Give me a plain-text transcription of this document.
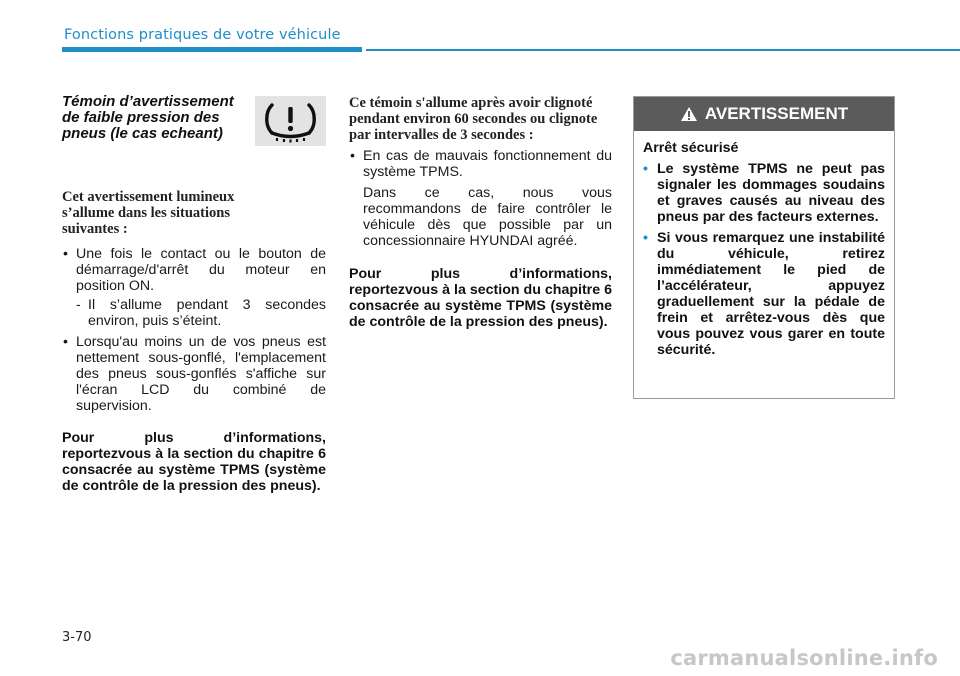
Fonctions pratiques de votre véhicule
Témoin d’avertissement de faible pression des pneus (le cas echeant)

Cet avertissement lumineux s’allume dans les situations suivantes :

• Une fois le contact ou le bouton de démarrage/d'arrêt du moteur en position ON.

- Il s’allume pendant 3 secondes environ, puis s’éteint.

• Lorsqu'au moins un de vos pneus est nettement sous-gonflé, l'emplacement des pneus sous-gonflés s'affiche sur l'écran LCD du combiné de supervision.

Pour plus d’informations, reportezvous à la section du chapitre 6 consacrée au système TPMS (système de contrôle de la pression des pneus).

Ce témoin s'allume après avoir clignoté pendant environ 60 secondes ou clignote par intervalles de 3 secondes :

• En cas de mauvais fonctionnement du système TPMS.

Dans ce cas, nous vous recommandons de faire contrôler le véhicule dès que possible par un concessionnaire HYUNDAI agréé.

Pour plus d’informations, reportezvous à la section du chapitre 6 consacrée au système TPMS (système de contrôle de la pression des pneus).

AVERTISSEMENT

Arrêt sécurisé

• Le système TPMS ne peut pas signaler les dommages soudains et graves causés au niveau des pneus par des facteurs externes.

• Si vous remarquez une instabilité du véhicule, retirez immédiatement le pied de l’accélérateur, appuyez graduellement sur la pédale de frein et arrêtez-vous dès que vous pouvez vous garer en toute sécurité.

3-70
carmanualsonline.info
